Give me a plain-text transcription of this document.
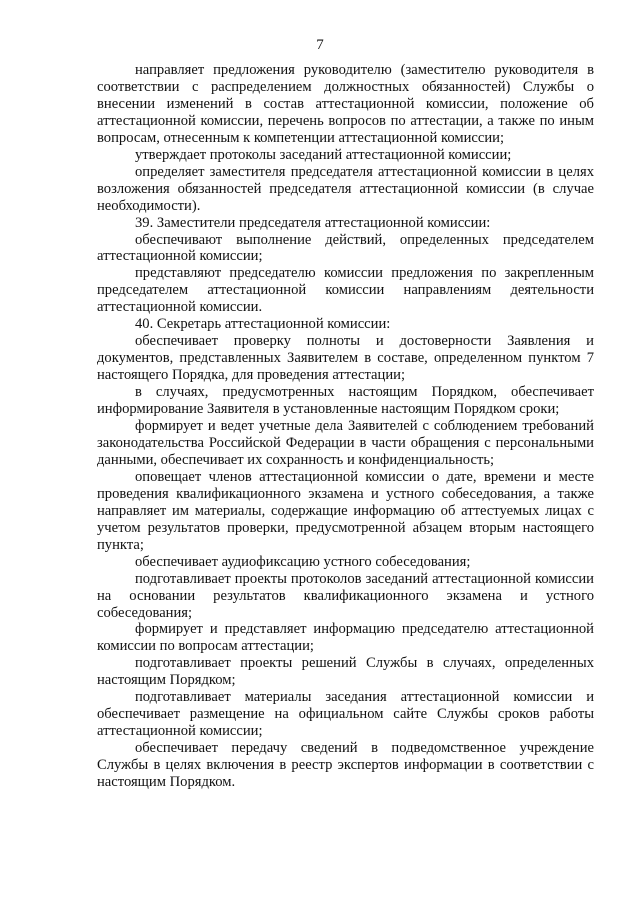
7

направляет предложения руководителю (заместителю руководителя в соответствии с распределением должностных обязанностей) Службы о внесении изменений в состав аттестационной комиссии, положение об аттестационной комиссии, перечень вопросов по аттестации, а также по иным вопросам, отнесенным к компетенции аттестационной комиссии;

утверждает протоколы заседаний аттестационной комиссии;

определяет заместителя председателя аттестационной комиссии в целях возложения обязанностей председателя аттестационной комиссии (в случае необходимости).

39. Заместители председателя аттестационной комиссии:

обеспечивают выполнение действий, определенных председателем аттестационной комиссии;

представляют председателю комиссии предложения по закрепленным председателем аттестационной комиссии направлениям деятельности аттестационной комиссии.

40. Секретарь аттестационной комиссии:

обеспечивает проверку полноты и достоверности Заявления и документов, представленных Заявителем в составе, определенном пунктом 7 настоящего Порядка, для проведения аттестации;

в случаях, предусмотренных настоящим Порядком, обеспечивает информирование Заявителя в установленные настоящим Порядком сроки;

формирует и ведет учетные дела Заявителей с соблюдением требований законодательства Российской Федерации в части обращения с персональными данными, обеспечивает их сохранность и конфиденциальность;

оповещает членов аттестационной комиссии о дате, времени и месте проведения квалификационного экзамена и устного собеседования, а также направляет им материалы, содержащие информацию об аттестуемых лицах с учетом результатов проверки, предусмотренной абзацем вторым настоящего пункта;

обеспечивает аудиофиксацию устного собеседования;

подготавливает проекты протоколов заседаний аттестационной комиссии на основании результатов квалификационного экзамена и устного собеседования;

формирует и представляет информацию председателю аттестационной комиссии по вопросам аттестации;

подготавливает проекты решений Службы в случаях, определенных настоящим Порядком;

подготавливает материалы заседания аттестационной комиссии и обеспечивает размещение на официальном сайте Службы сроков работы аттестационной комиссии;

обеспечивает передачу сведений в подведомственное учреждение Службы в целях включения в реестр экспертов информации в соответствии с настоящим Порядком.
